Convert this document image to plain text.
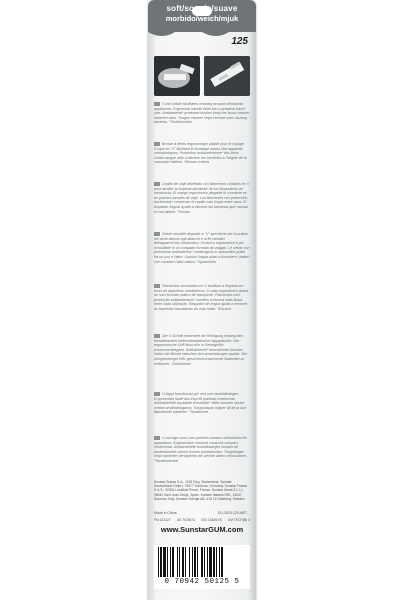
soft/souple/suave
morbido/weich/mjuk
125
V-trim bristle facilitates cleaning around orthodontic appliances. Ergonomic handle folds into a practical travel size. Antibacterial* protected bristles keep the brush cleaner between uses. Tongue cleaner helps remove odor-causing bacteria. *Toothbrushes
Brosse à dents ergonomique pliable pour le voyage. Coupe en "V" facilitant le brossage autour des appareils orthodontiques. Protection antibactérienne* des brins. Gratte-langue aide à éliminer les bactéries à l'origine de la mauvaise haleine. *Brosse à dents
Cepillo de viaje diseñado con filamentos cortados en V para facilitar la limpieza alrededor de los dispositivos de ortodoncia. El mango ergonómico plegable lo convierte en un práctico tamaño de viaje. Los filamentos con protección bactericida* conservan el cepillo más limpio entre usos. El limpiador lingual ayuda a eliminar las bacterias que causan el mal aliento. *Cerdas
Setole morbide disposte a "V" specifiche per la pulizia dei denti attorno agli attacchi e ai fili metallici dell'apparecchio ortodontico. Il manico ergonomico è più richiudibile in un compatto formato da viaggio. Le setole con protezione antibatterica* mantengono lo spazzolino pulito fra un uso e l'altro. Il pulisci lingua aiuta a rimuovere i batteri che causano l'alito cattivo. *Spazzolino
Filamentos recortados em V facilitam a limpeza em torno de aparelhos ortodônticos. O cabo ergonómico dobra-se num formato prático de transporte. Filamentos com protecção antibacteriana* mantêm a escova mais limpa entre cada utilização. Raspador de língua ajuda a remover as bactérias causadoras do mau hálito. *Escova
Der V-Schnitt erleichtert die Reinigung entlang den Metallbrackets kieferorthopädischer Apparaturen. Der ergonomische Griff lässt sich in Reisegröße zusammenklappen. Antibakteriell* beschichtete Borsten halten die Bürste zwischen den Anwendungen sauber. Der Zungenreiniger hilft, geruchsverursachende Bakterien zu entfernen. *Zahnbürste
V-klippt borsthuvud gör rent runt tandställningen. Ergonomiskt skaft viks ihop till praktiskt reseformat. Antibakteriellt skyddade borststrån* håller borsten renare mellan användningarna. Tungskrapan hjälper till att ta bort illaluktande bakterier. *Tandborste
V-vormige vorm voor poetsen rondom orthodontische apparatuur. Ergonomisch handvat vouwt tot compact reisformaat. Antibacteriële borstelhaartjes houden de tandenborstel schoon tussen poetsbeurten. Tongreiniger helpt bacteriën verwijderen die slechte adem veroorzaken. *Tandenborstel
Sunstar Suisse S.A., 1163 Etoy, Switzerland. Sunstar Deutschland GmbH, 79677 Schönau, Germany. Sunstar France S.A.S., 92300 Levallois Perret, France. Sunstar Iberia S.L.U., 08940 Sant Joan Despí, Spain. Sunstar Italiana SRL, 21047 Saronno, Italy. Sunstar Sverige AB, 415 15 Göteborg, Sweden
Made in China	EU-2015-125-NET
FM 221427 AS 7020674 ISO 13485:03 CM TECH(B) 3
www.SunstarGUM.com
0 70942 50125 5
